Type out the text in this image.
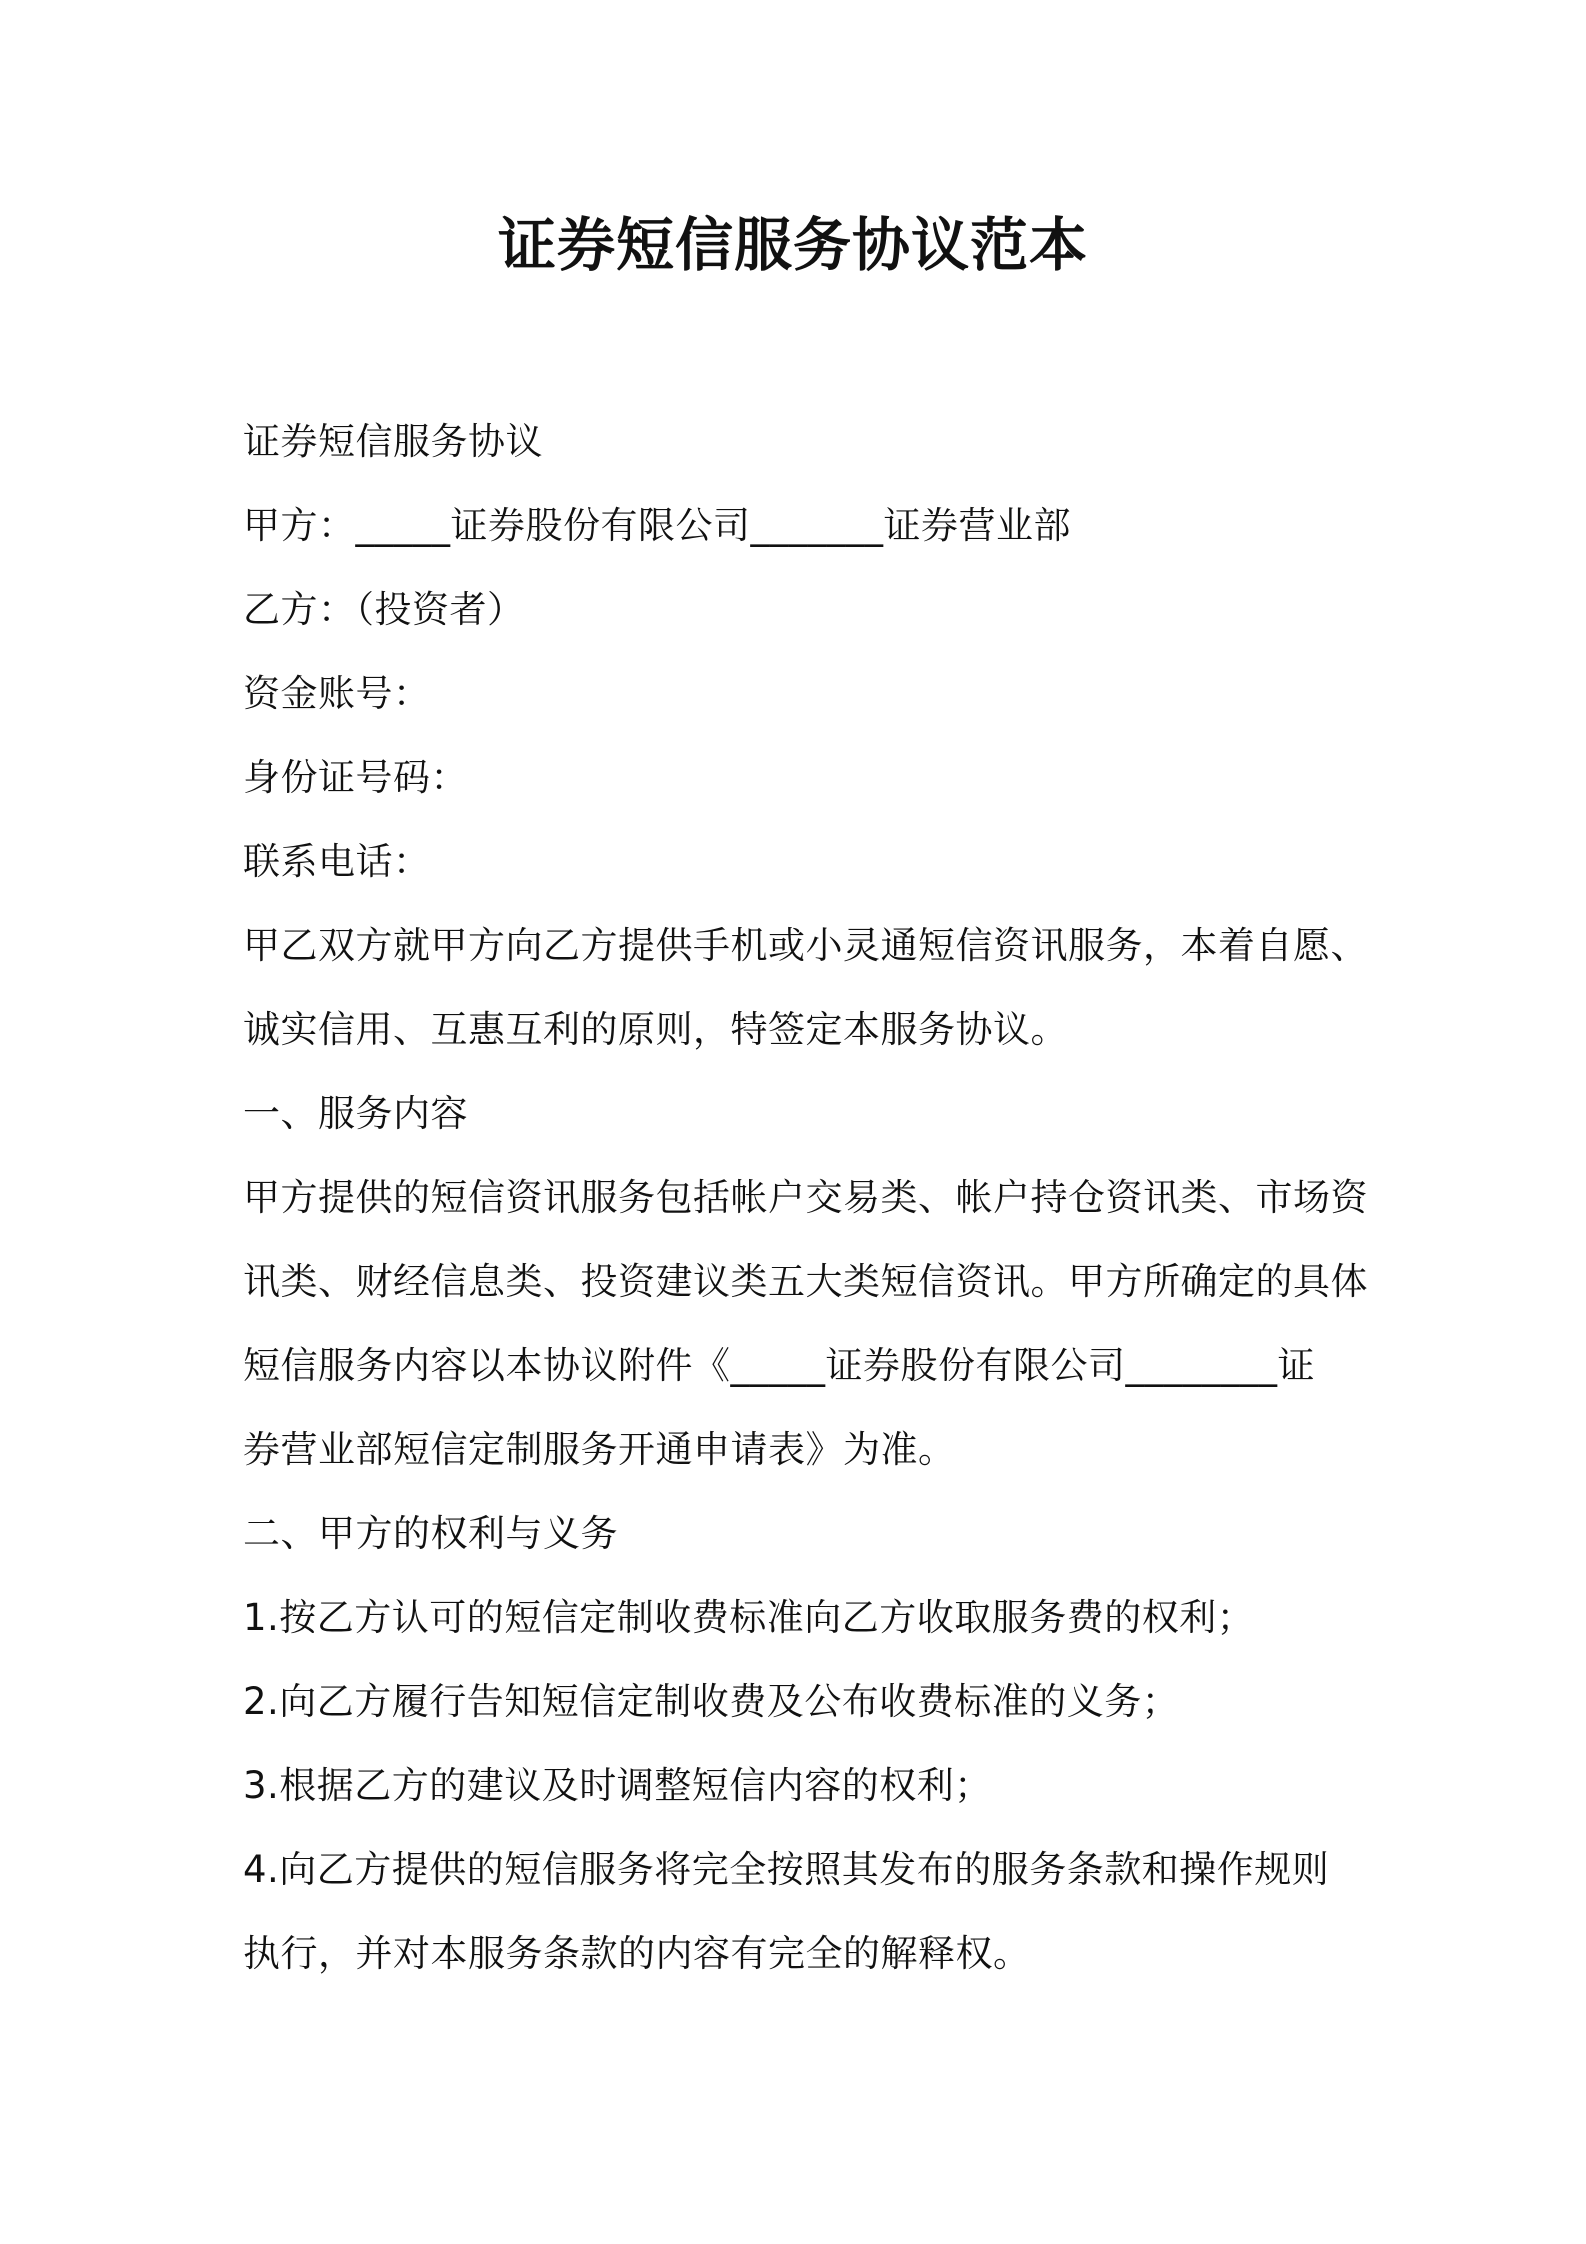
证券短信服务协议范本
证券短信服务协议
甲方：_____证券股份有限公司_______证券营业部
乙方：（投资者）
资金账号：
身份证号码：
联系电话：
甲乙双方就甲方向乙方提供手机或小灵通短信资讯服务，本着自愿、
诚实信用、互惠互利的原则，特签定本服务协议。
一、服务内容
甲方提供的短信资讯服务包括帐户交易类、帐户持仓资讯类、市场资
讯类、财经信息类、投资建议类五大类短信资讯。甲方所确定的具体
短信服务内容以本协议附件《_____证券股份有限公司________证
券营业部短信定制服务开通申请表》为准。
二、甲方的权利与义务
1.按乙方认可的短信定制收费标准向乙方收取服务费的权利；
2.向乙方履行告知短信定制收费及公布收费标准的义务；
3.根据乙方的建议及时调整短信内容的权利；
4.向乙方提供的短信服务将完全按照其发布的服务条款和操作规则
执行，并对本服务条款的内容有完全的解释权。
